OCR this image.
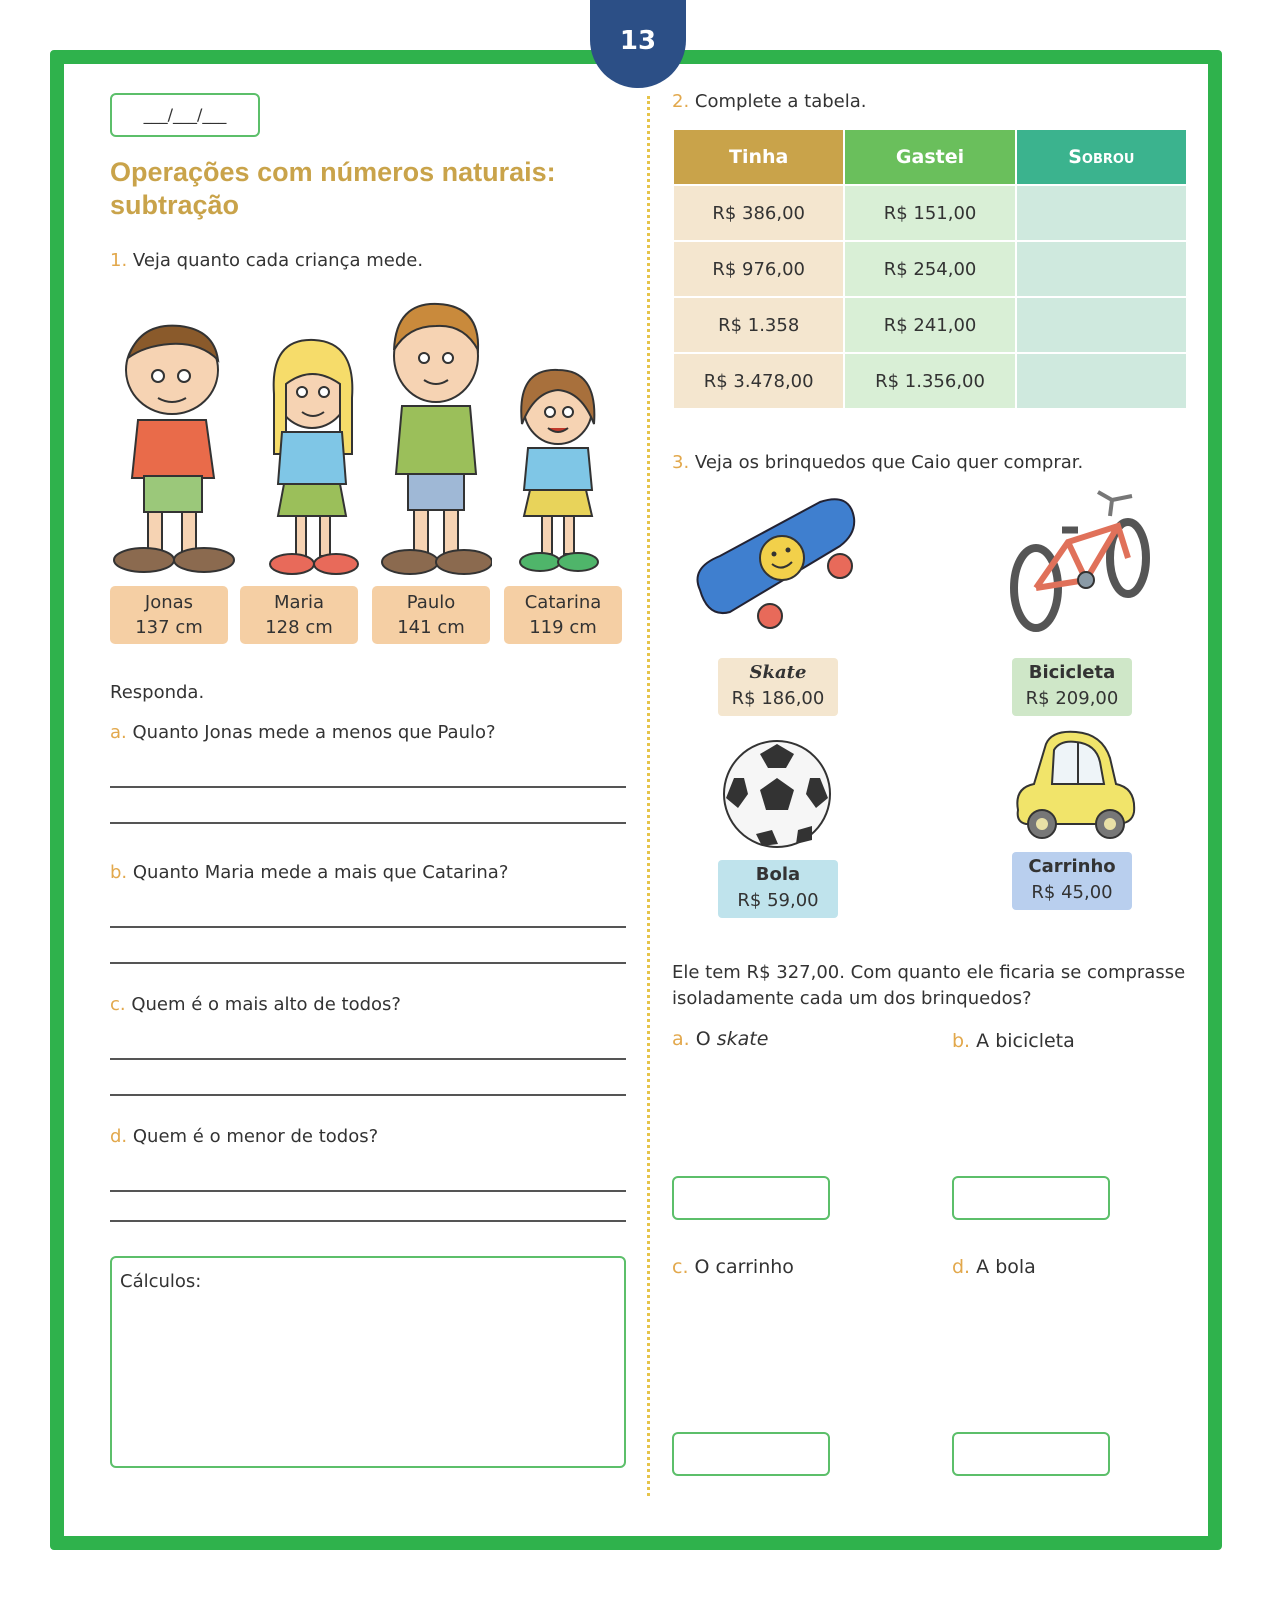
13
___/___/___
Operações com números naturais: subtração
1. Veja quanto cada criança mede.
Jonas
137 cm
Maria
128 cm
Paulo
141 cm
Catarina
119 cm
Responda.
a. Quanto Jonas mede a menos que Paulo?
b. Quanto Maria mede a mais que Catarina?
c. Quem é o mais alto de todos?
d. Quem é o menor de todos?
Cálculos:
2. Complete a tabela.
Tinha	Gastei	Sobrou
R$ 386,00	R$ 151,00	
R$ 976,00	R$ 254,00	
R$ 1.358	R$ 241,00	
R$ 3.478,00	R$ 1.356,00	
3. Veja os brinquedos que Caio quer comprar.
Skate
R$ 186,00
Bicicleta
R$ 209,00
Bola
R$ 59,00
Carrinho
R$ 45,00
Ele tem R$ 327,00. Com quanto ele ficaria se comprasse isoladamente cada um dos brinquedos?
a. O skate	b. A bicicleta
c. O carrinho	d. A bola
